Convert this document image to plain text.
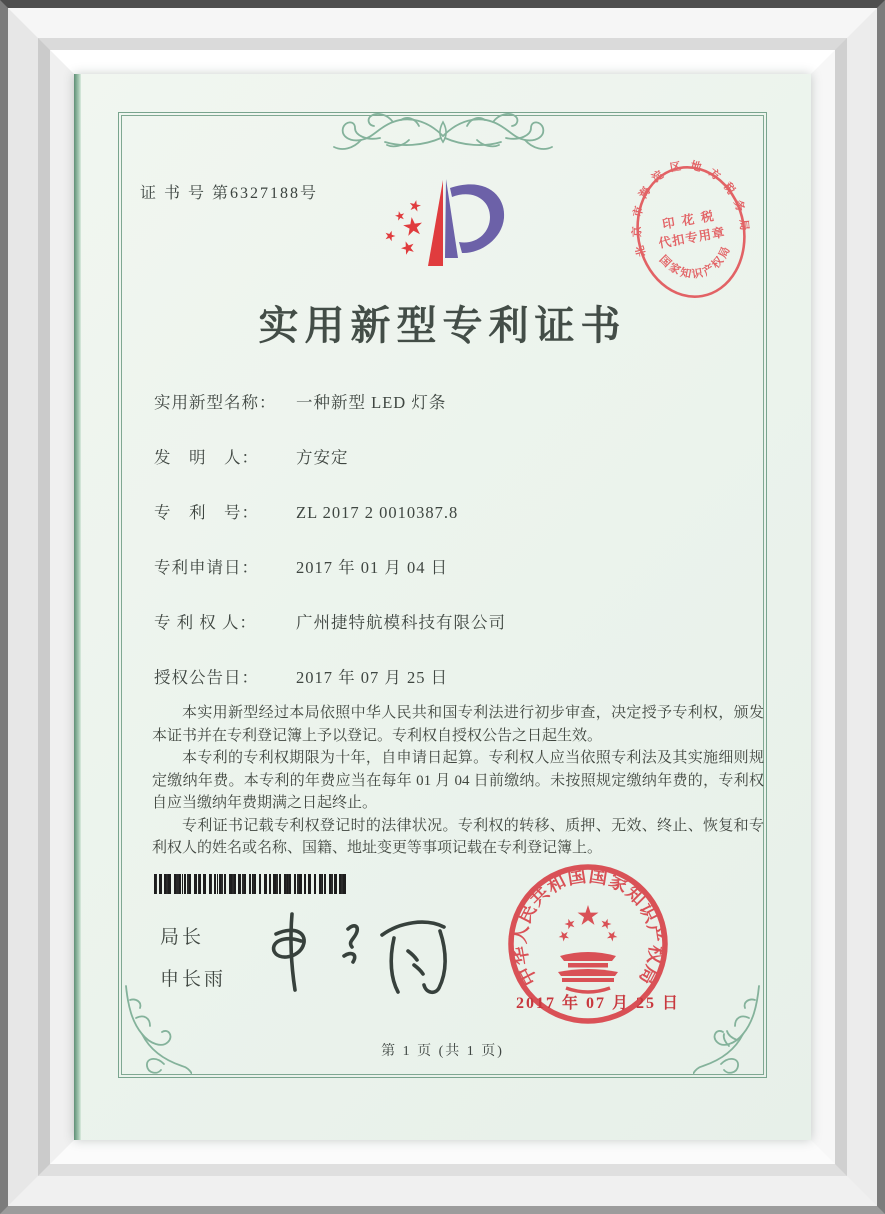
证 书 号 第6327188号
北京市海淀区地方税务局
国家知识产权局
印 花 税
代扣专用章
实用新型专利证书
实用新型名称： 一种新型 LED 灯条
发　明　人： 方安定
专　利　号： ZL 2017 2 0010387.8
专利申请日： 2017 年 01 月 04 日
专 利 权 人： 广州捷特航模科技有限公司
授权公告日： 2017 年 07 月 25 日

本实用新型经过本局依照中华人民共和国专利法进行初步审查，决定授予专利权，颁发本证书并在专利登记簿上予以登记。专利权自授权公告之日起生效。

本专利的专利权期限为十年，自申请日起算。专利权人应当依照专利法及其实施细则规定缴纳年费。本专利的年费应当在每年 01 月 04 日前缴纳。未按照规定缴纳年费的，专利权自应当缴纳年费期满之日起终止。

专利证书记载专利权登记时的法律状况。专利权的转移、质押、无效、终止、恢复和专利权人的姓名或名称、国籍、地址变更等事项记载在专利登记簿上。

局长
申长雨	中华人民共和国国家知识产权局
2017 年 07 月 25 日
第 1 页 (共 1 页)
